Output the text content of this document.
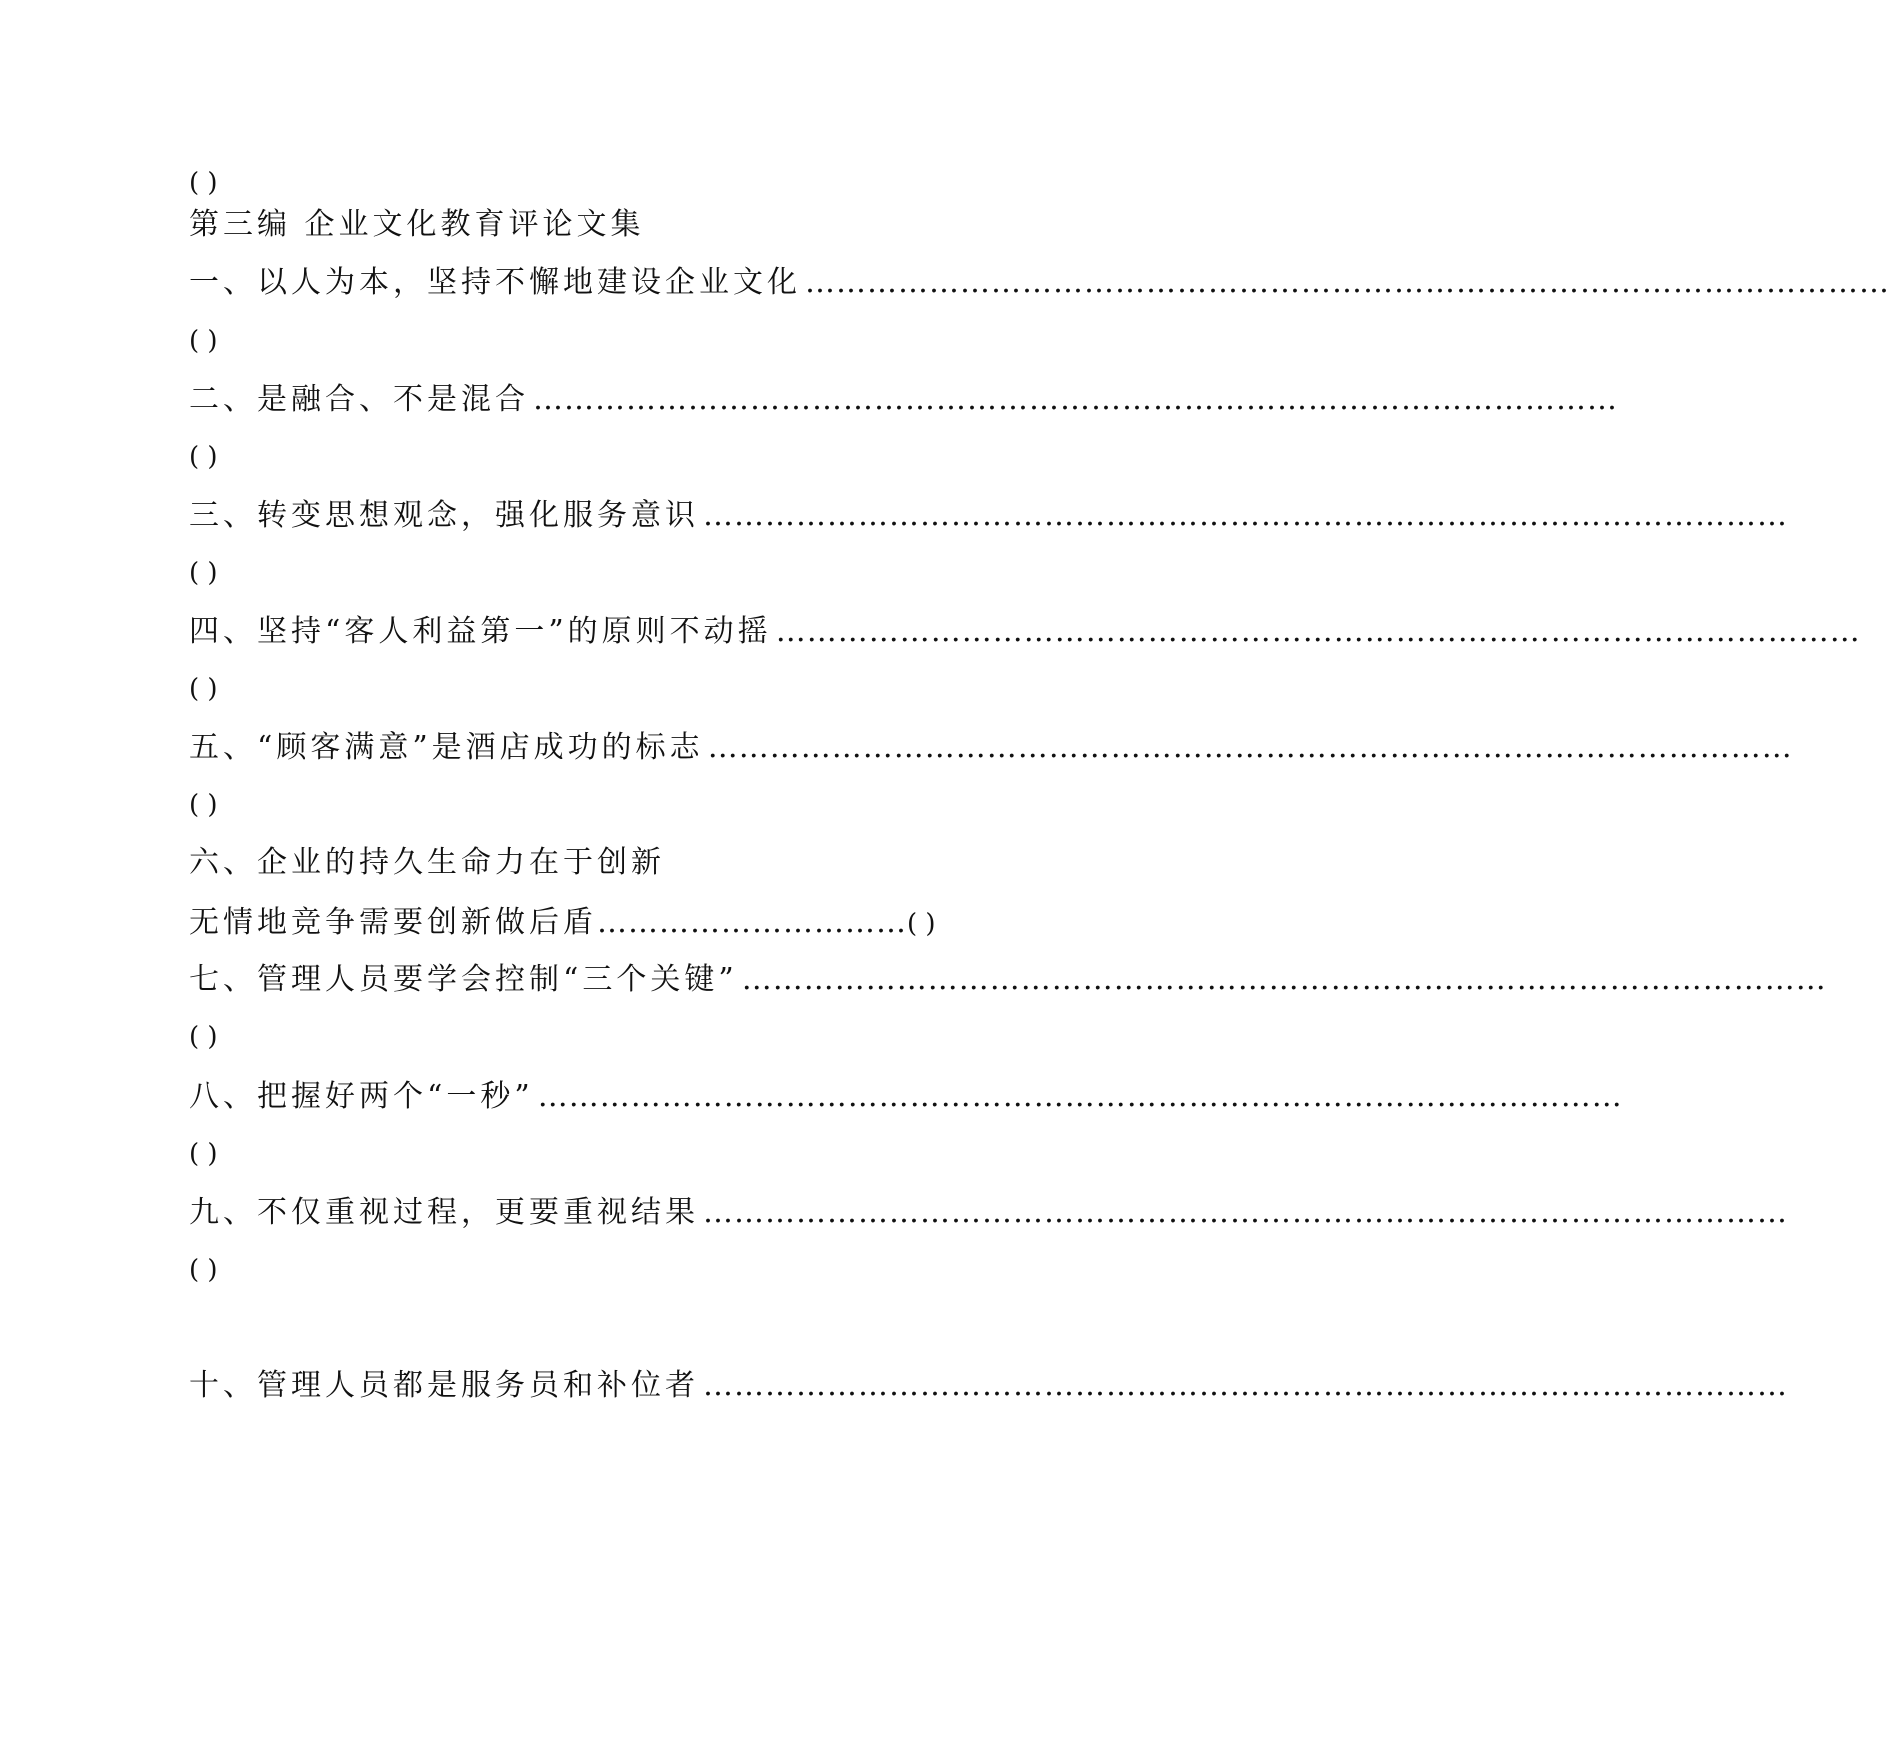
( )
第三编 企业文化教育评论文集
一、以人为本，坚持不懈地建设企业文化 ……………………………………………………………………………………………
( )
二、是融合、不是混合 ……………………………………………………………………………………………
( )
三、转变思想观念，强化服务意识 ……………………………………………………………………………………………
( )
四、坚持“客人利益第一”的原则不动摇 ……………………………………………………………………………………………
( )
五、“顾客满意”是酒店成功的标志 ……………………………………………………………………………………………
( )
六、企业的持久生命力在于创新
无情地竞争需要创新做后盾…………………………( )
七、管理人员要学会控制“三个关键” ……………………………………………………………………………………………
( )
八、把握好两个“一秒” ……………………………………………………………………………………………
( )
九、不仅重视过程，更要重视结果 ……………………………………………………………………………………………
( )
十、管理人员都是服务员和补位者 ……………………………………………………………………………………………
